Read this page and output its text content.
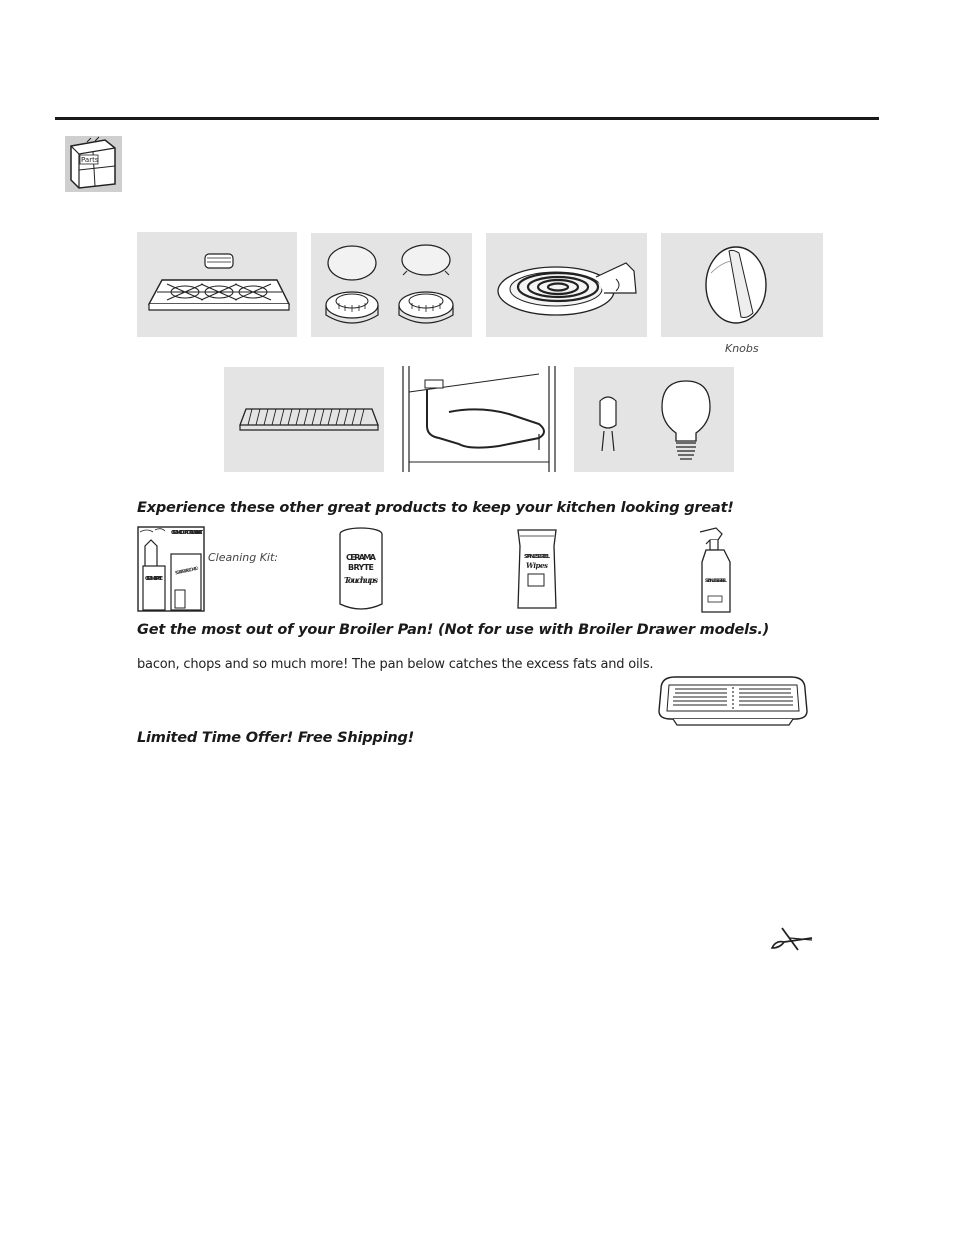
Parts
Knobs
Experience these other great products to keep your kitchen looking great!
CERAMIC COOKTOP CLEANING KIT
CERAMA BRYTE
SCRAPER & PAD COMBO
Cleaning Kit:	CERAMA
BRYTE
Touchups
STAINLESS STEEL
Wipes
STAINLESS STEEL
Get the most out of your Broiler Pan! (Not for use with Broiler Drawer models.)
bacon, chops and so much more! The pan below catches the excess fats and oils.
Limited Time Offer! Free Shipping!
